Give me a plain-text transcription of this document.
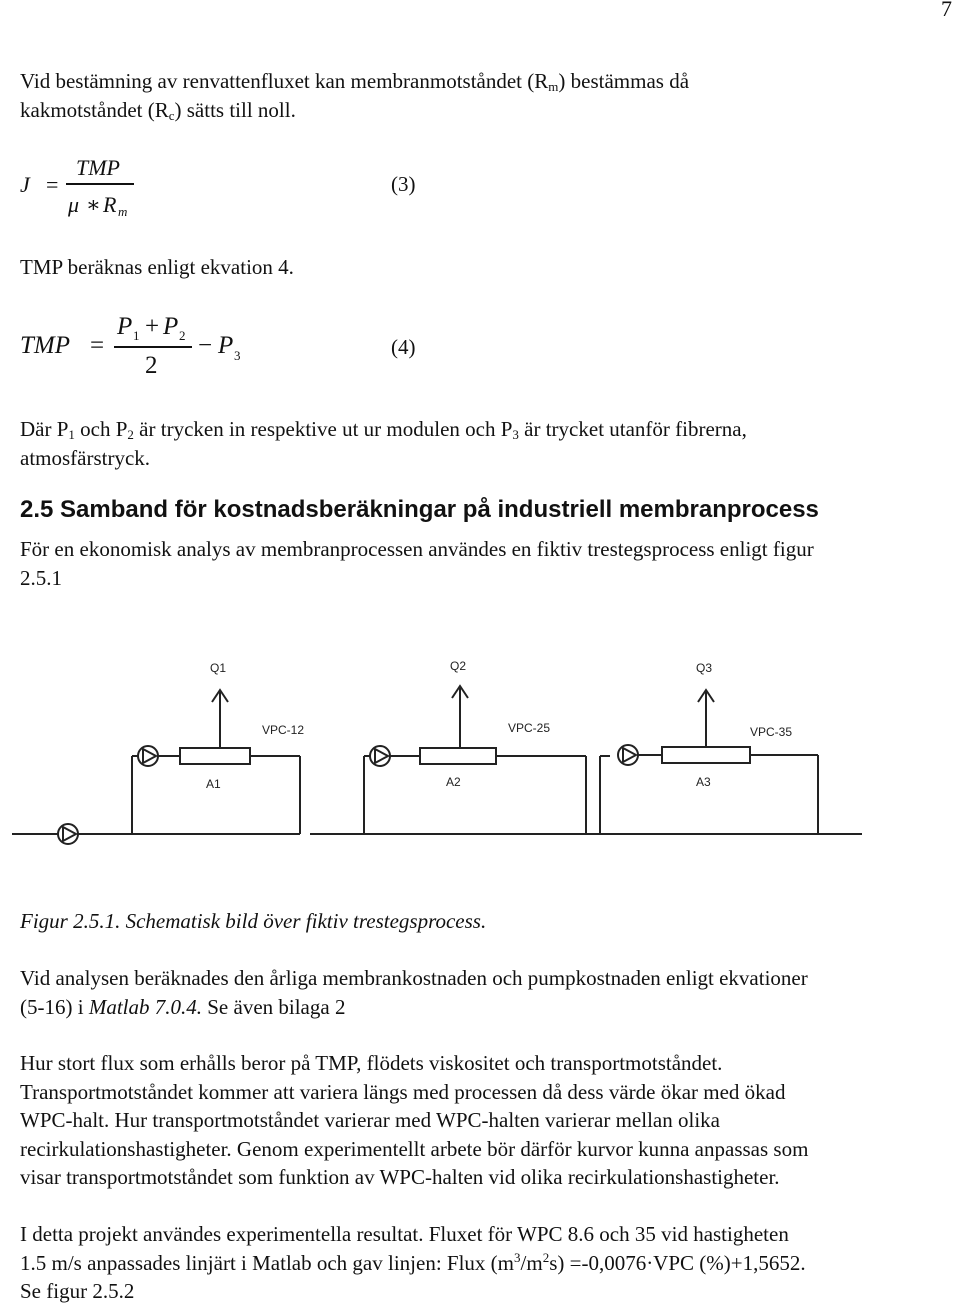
7
Vid bestämning av renvattenfluxet kan membranmotståndet $(R_m)$ bestämmas då
kakmotståndet $(R_c)$ sätts till noll.
J =
TMP
μ ∗ R m
(3)
TMP beräknas enligt ekvation 4.
TMP =
P 1 + P 2
2
− P 3	(4)
Där $P_1$ och $P_2$ är trycken in respektive ut ur modulen och $P_3$ är trycket utanför fibrerna,
atmosfärstryck.
2.5 Samband för kostnadsberäkningar på industriell membranprocess
För en ekonomisk analys av membranprocessen användes en fiktiv trestegsprocess enligt figur
2.5.1
Q1
VPC-12
A1
Q2
VPC-25
A2
Q3
VPC-35
A3
Figur 2.5.1. Schematisk bild över fiktiv trestegsprocess.
Vid analysen beräknades den årliga membrankostnaden och pumpkostnaden enligt ekvationer
(5-16) i Matlab 7.0.4. Se även bilaga 2
Hur stort flux som erhålls beror på TMP, flödets viskositet och transportmotståndet.
Transportmotståndet kommer att variera längs med processen då dess värde ökar med ökad
WPC-halt. Hur transportmotståndet varierar med WPC-halten varierar mellan olika
recirkulationshastigheter. Genom experimentellt arbete bör därför kurvor kunna anpassas som
visar transportmotståndet som funktion av WPC-halten vid olika recirkulationshastigheter.
I detta projekt användes experimentella resultat. Fluxet för WPC 8.6 och 35 vid hastigheten
1.5 m/s anpassades linjärt i Matlab och gav linjen: Flux $(m^3/m^2s) =-0,0076\cdot VPC$ (%)+1,5652.
Se figur 2.5.2
